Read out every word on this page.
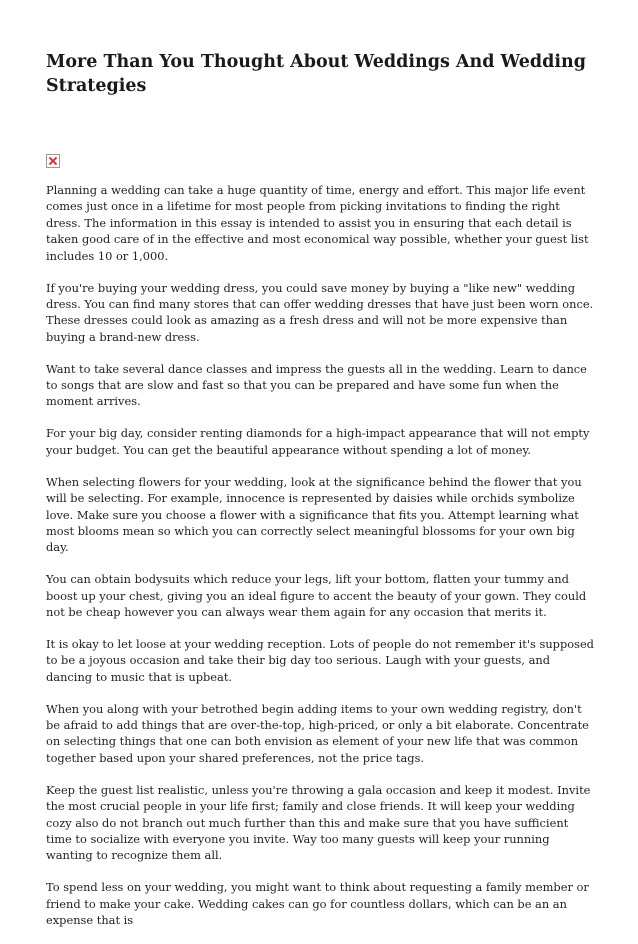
More Than You Thought About Weddings And Wedding Strategies

Planning a wedding can take a huge quantity of time, energy and effort. This major life event comes just once in a lifetime for most people from picking invitations to finding the right dress. The information in this essay is intended to assist you in ensuring that each detail is taken good care of in the effective and most economical way possible, whether your guest list includes 10 or 1,000.

If you're buying your wedding dress, you could save money by buying a "like new" wedding dress. You can find many stores that can offer wedding dresses that have just been worn once. These dresses could look as amazing as a fresh dress and will not be more expensive than buying a brand-new dress.

Want to take several dance classes and impress the guests all in the wedding. Learn to dance to songs that are slow and fast so that you can be prepared and have some fun when the moment arrives.

For your big day, consider renting diamonds for a high-impact appearance that will not empty your budget. You can get the beautiful appearance without spending a lot of money.

When selecting flowers for your wedding, look at the significance behind the flower that you will be selecting. For example, innocence is represented by daisies while orchids symbolize love. Make sure you choose a flower with a significance that fits you. Attempt learning what most blooms mean so which you can correctly select meaningful blossoms for your own big day.

You can obtain bodysuits which reduce your legs, lift your bottom, flatten your tummy and boost up your chest, giving you an ideal figure to accent the beauty of your gown. They could not be cheap however you can always wear them again for any occasion that merits it.

It is okay to let loose at your wedding reception. Lots of people do not remember it's supposed to be a joyous occasion and take their big day too serious. Laugh with your guests, and dancing to music that is upbeat.

When you along with your betrothed begin adding items to your own wedding registry, don't be afraid to add things that are over-the-top, high-priced, or only a bit elaborate. Concentrate on selecting things that one can both envision as element of your new life that was common together based upon your shared preferences, not the price tags.

Keep the guest list realistic, unless you're throwing a gala occasion and keep it modest. Invite the most crucial people in your life first; family and close friends. It will keep your wedding cozy also do not branch out much further than this and make sure that you have sufficient time to socialize with everyone you invite. Way too many guests will keep your running wanting to recognize them all.

To spend less on your wedding, you might want to think about requesting a family member or friend to make your cake. Wedding cakes can go for countless dollars, which can be an an expense that is
